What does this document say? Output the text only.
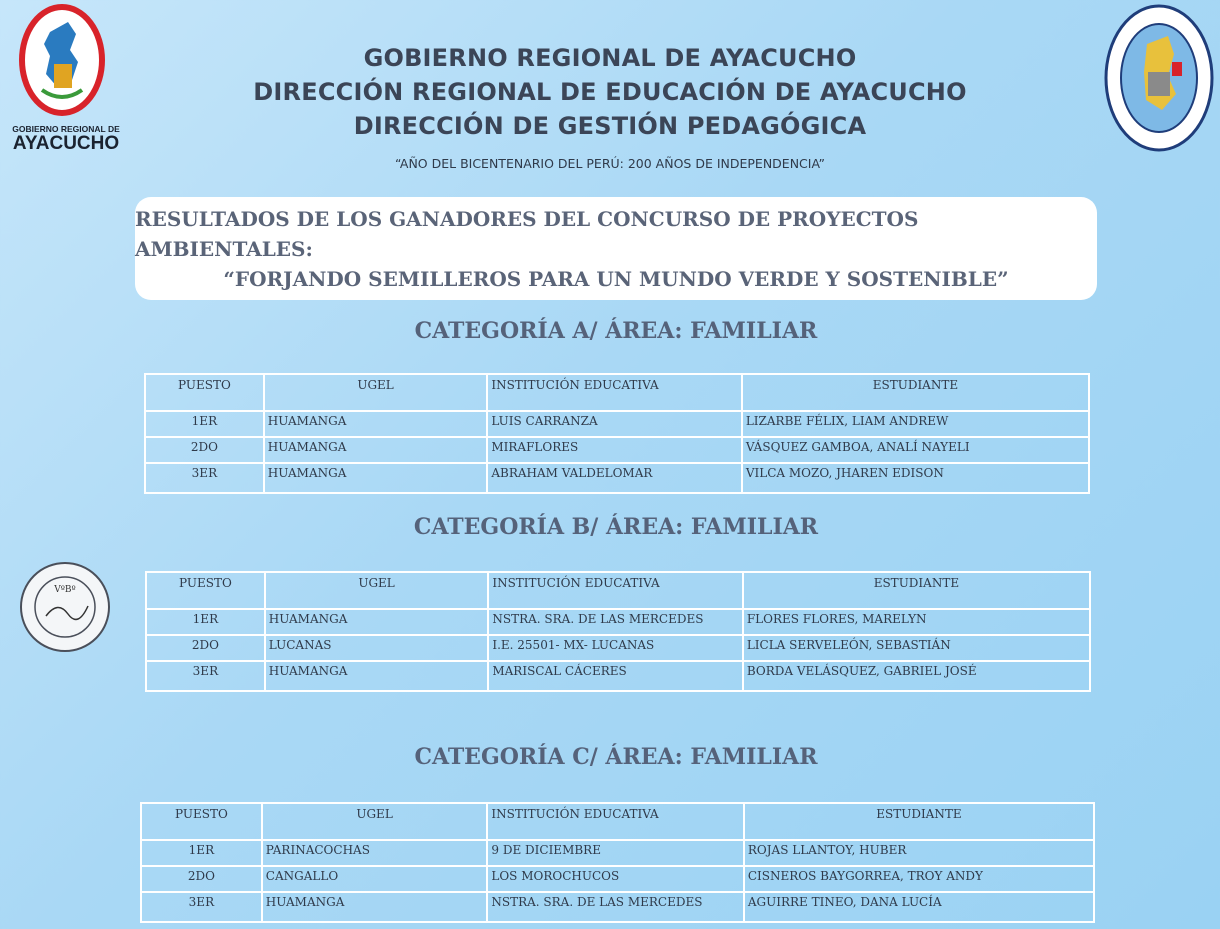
GOBIERNO REGIONAL DE
AYACUCHO
GOBIERNO REGIONAL DE AYACUCHO
DIRECCIÓN REGIONAL DE EDUCACIÓN DE AYACUCHO
DIRECCIÓN DE GESTIÓN PEDAGÓGICA
“AÑO DEL BICENTENARIO DEL PERÚ: 200 AÑOS DE INDEPENDENCIA”
RESULTADOS DE LOS GANADORES DEL CONCURSO DE PROYECTOS AMBIENTALES:
“FORJANDO SEMILLEROS PARA UN MUNDO VERDE Y SOSTENIBLE”
VºBº
CATEGORÍA A/ ÁREA: FAMILIAR
PUESTO	UGEL	INSTITUCIÓN EDUCATIVA	ESTUDIANTE
1ER	HUAMANGA	LUIS CARRANZA	LIZARBE FÉLIX, LIAM ANDREW
2DO	HUAMANGA	MIRAFLORES	VÁSQUEZ GAMBOA, ANALÍ NAYELI
3ER	HUAMANGA	ABRAHAM VALDELOMAR	VILCA MOZO, JHAREN EDISON
CATEGORÍA B/ ÁREA: FAMILIAR
PUESTO	UGEL	INSTITUCIÓN EDUCATIVA	ESTUDIANTE
1ER	HUAMANGA	NSTRA. SRA. DE LAS MERCEDES	FLORES FLORES, MARELYN
2DO	LUCANAS	I.E. 25501- MX- LUCANAS	LICLA SERVELEÓN, SEBASTIÁN
3ER	HUAMANGA	MARISCAL CÁCERES	BORDA VELÁSQUEZ, GABRIEL JOSÉ
CATEGORÍA C/ ÁREA: FAMILIAR
PUESTO	UGEL	INSTITUCIÓN EDUCATIVA	ESTUDIANTE
1ER	PARINACOCHAS	9 DE DICIEMBRE	ROJAS LLANTOY, HUBER
2DO	CANGALLO	LOS MOROCHUCOS	CISNEROS BAYGORREA, TROY ANDY
3ER	HUAMANGA	NSTRA. SRA. DE LAS MERCEDES	AGUIRRE TINEO, DANA LUCÍA
